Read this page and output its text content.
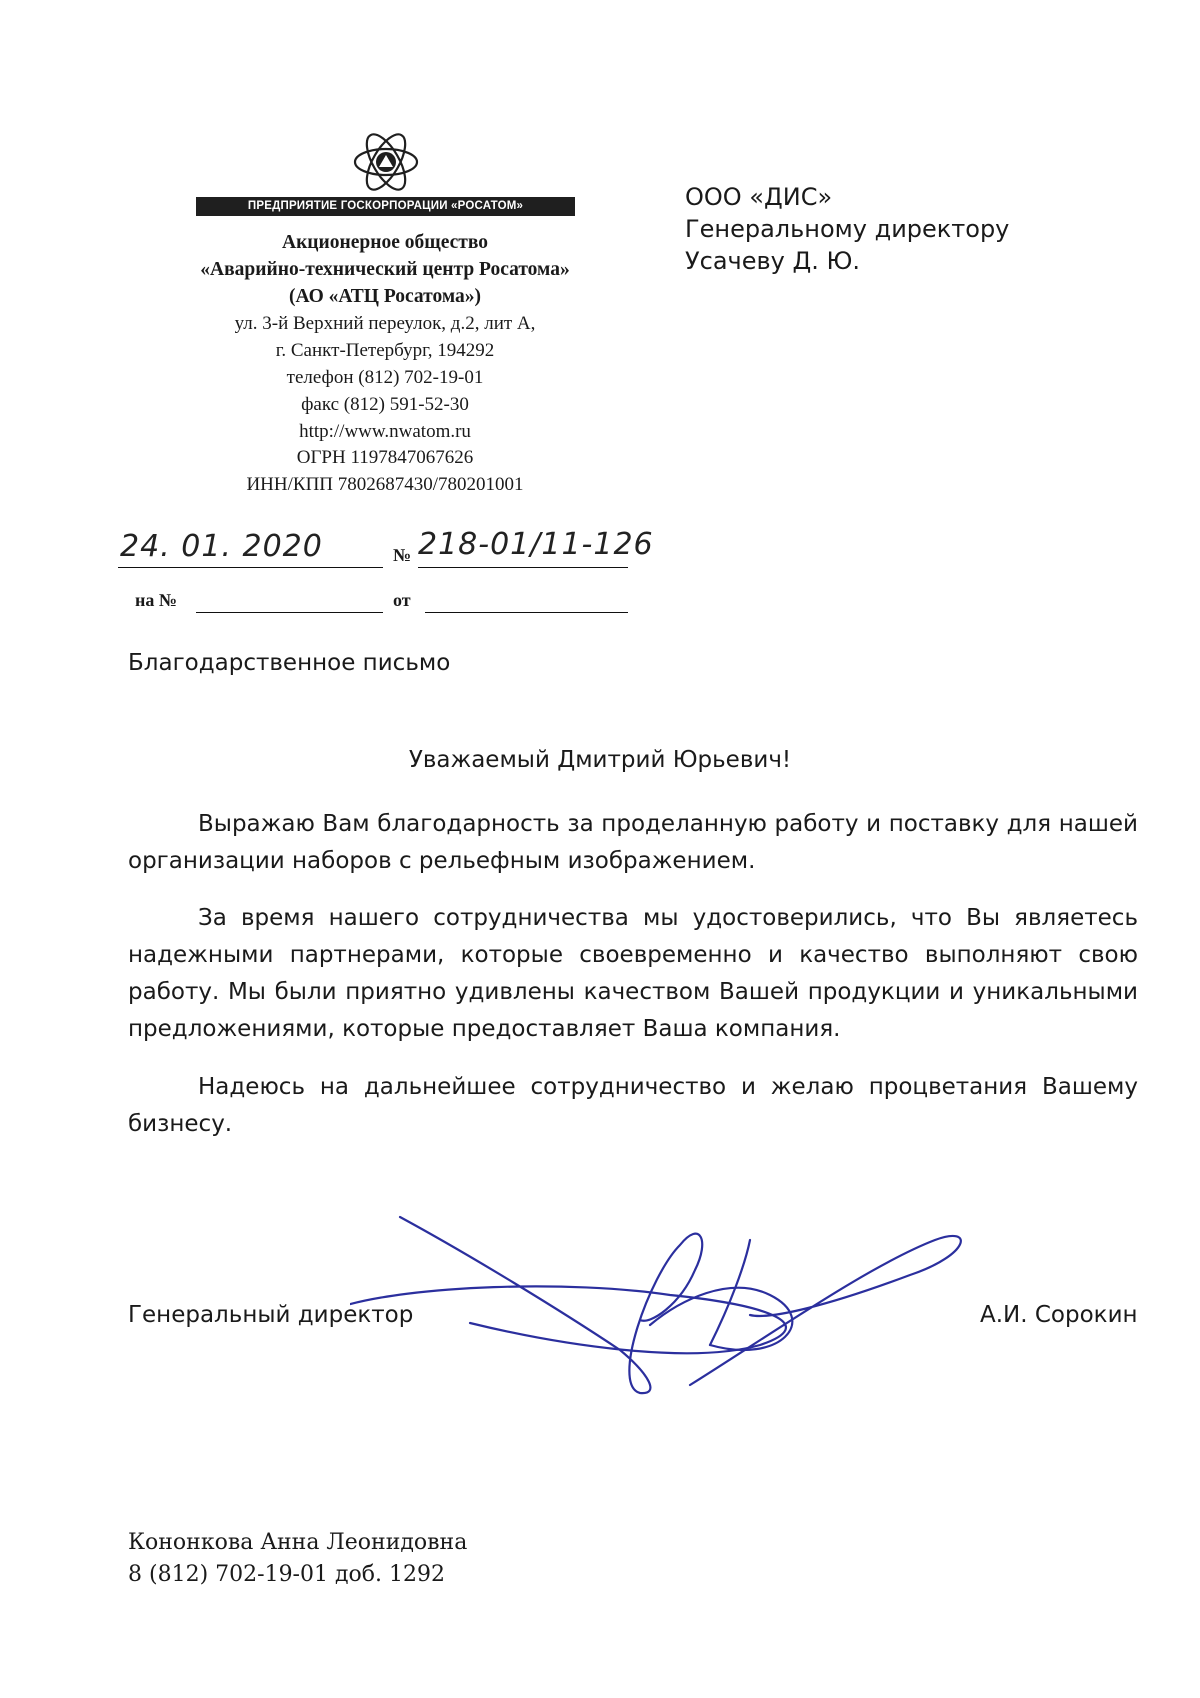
ПРЕДПРИЯТИЕ ГОСКОРПОРАЦИИ «РОСАТОМ»
Акционерное общество
«Аварийно-технический центр Росатома»
(АО «АТЦ Росатома»)
ул. 3-й Верхний переулок, д.2, лит А,
г. Санкт-Петербург, 194292
телефон (812) 702-19-01
факс (812) 591-52-30
http://www.nwatom.ru
ОГРН 1197847067626
ИНН/КПП 7802687430/780201001
ООО «ДИС»
Генеральному директору
Усачеву Д. Ю.
24. 01. 2020	№ 218-01/11-126
на №	от
Благодарственное письмо
Уважаемый Дмитрий Юрьевич!
Выражаю Вам благодарность за проделанную работу и поставку для нашей организации наборов с рельефным изображением.
За время нашего сотрудничества мы удостоверились, что Вы являетесь надежными партнерами, которые своевременно и качество выполняют свою работу. Мы были приятно удивлены качеством Вашей продукции и уникальными предложениями, которые предоставляет Ваша компания.
Надеюсь на дальнейшее сотрудничество и желаю процветания Вашему бизнесу.
Генеральный директор	А.И. Сорокин
Кононкова Анна Леонидовна
8 (812) 702-19-01 доб. 1292
